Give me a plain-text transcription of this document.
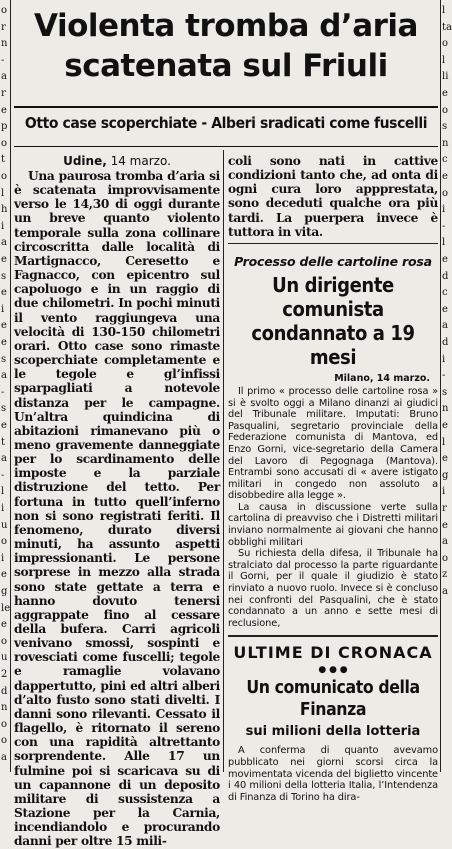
o
r
n
-
a
r
e
p
o
t
o
l
h
i
a
e
s
e
i
e
e
s
a
-
s
e
t
a
-
l
i
u
o
i
e
g
le
e
o
u
2
d
n
o
o
a
l
ta
o
l
li
e
o
s
n
c
e
o
i
-
l
e
d
c
e
a
d
i
-
s
n
e
l
e
g
i
r
e
a
o
z
a
Violenta tromba d’aria
scatenata sul Friuli
Otto case scoperchiate - Alberi sradicati come fuscelli

Udine, 14 marzo.

Una paurosa tromba d’aria si è scatenata improvvisamente verso le 14,30 di oggi durante un breve quanto violento temporale sulla zona collinare circoscritta dalle località di Martignacco, Ceresetto e Fagnacco, con epicentro sul capoluogo e in un raggio di due chilometri. In pochi minuti il vento raggiungeva una velocità di 130-150 chilometri orari. Otto case sono rimaste scoperchiate completamente e le tegole e gl’infissi sparpagliati a notevole distanza per le campagne. Un’altra quindicina di abitazioni rimanevano più o meno gravemente danneggiate per lo scardinamento delle imposte e la parziale distruzione del tetto. Per fortuna in tutto quell’inferno non si sono registrati feriti. Il fenomeno, durato diversi minuti, ha assunto aspetti impressionanti. Le persone sorprese in mezzo alla strada sono state gettate a terra e hanno dovuto tenersi aggrappate fino al cessare della bufera. Carri agricoli venivano smossi, sospinti e rovesciati come fuscelli; tegole e ramaglie volavano dappertutto, pini ed altri alberi d’alto fusto sono stati divelti. I danni sono rilevanti. Cessato il flagello, è ritornato il sereno con una rapidità altrettanto sorprendente. Alle 17 un fulmine poi si scaricava su di un capannone di un deposito militare di sussistenza a Stazione per la Carnia, incendiandolo e procurando danni per oltre 15 mili-

coli sono nati in cattive condizioni tanto che, ad onta di ogni cura loro appprestata, sono deceduti qualche ora più tardi. La puerpera invece è tuttora in vita.

Processo delle cartoline rosa
Un dirigente comunista
condannato a 19 mesi
Milano, 14 marzo.

Il primo « processo delle cartoline rosa » si è svolto oggi a Milano dinanzi ai giudici del Tribunale militare. Imputati: Bruno Pasqualini, segretario provinciale della Federazione comunista di Mantova, ed Enzo Gorni, vice-segretario della Camera del Lavoro di Pegognaga (Mantova). Entrambi sono accusati di « avere istigato militari in congedo non assoluto a disobbedire alla legge ».

La causa in discussione verte sulla cartolina di preavviso che i Distretti militari inviano normalmente ai giovani che hanno obblighi militari

Su richiesta della difesa, il Tribunale ha stralciato dal processo la parte riguardante il Gorni, per il quale il giudizio è stato rinviato a nuovo ruolo. Invece si è concluso nei confronti del Pasqualini, che è stato condannato a un anno e sette mesi di reclusione,

ULTIME DI CRONACA
● ● ●
Un comunicato della Finanza
sui milioni della lotteria

A conferma di quanto avevamo pubblicato nei giorni scorsi circa la movimentata vicenda del biglietto vincente i 40 milioni della lotteria Italia, l’Intendenza di Finanza di Torino ha dira-
